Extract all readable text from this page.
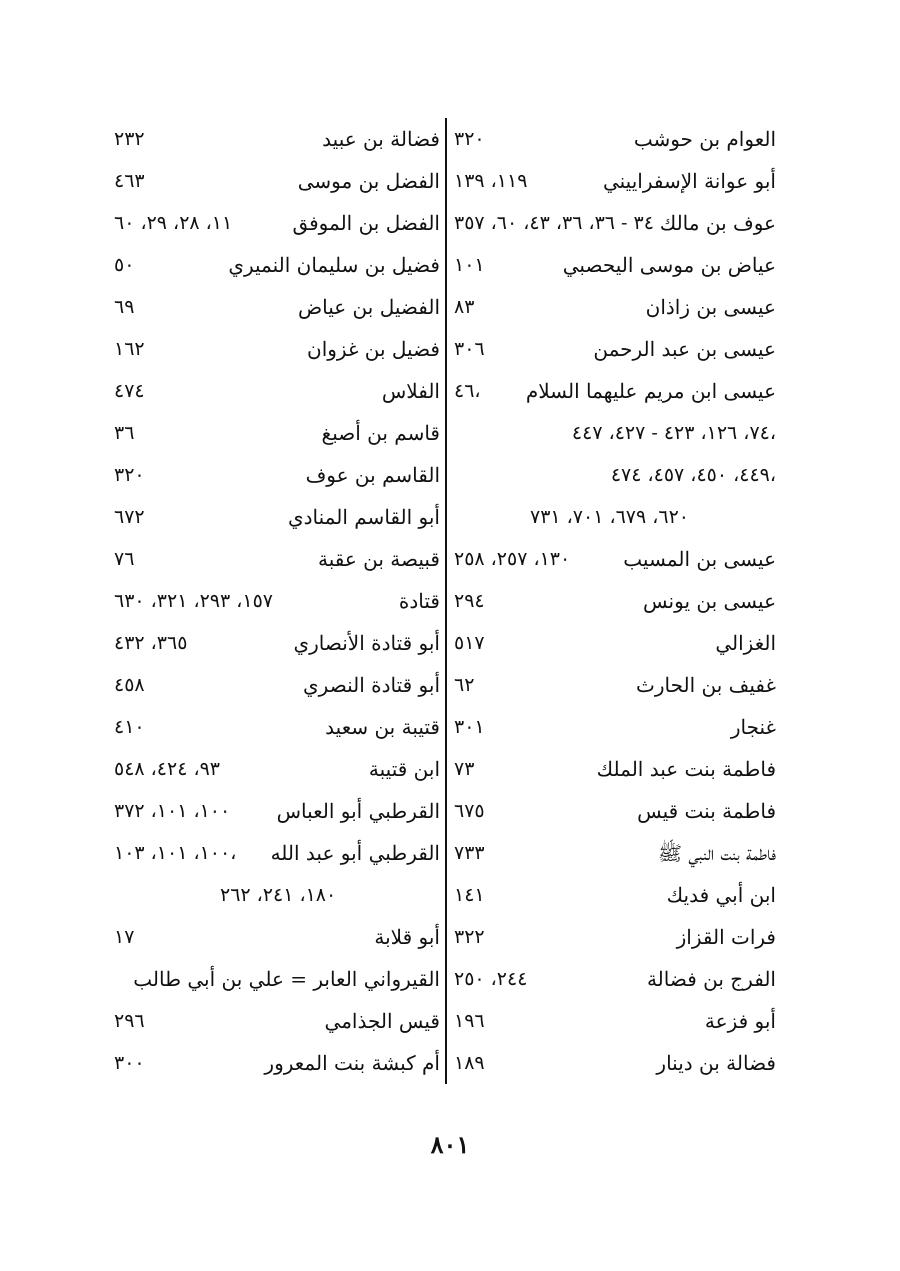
العوام بن حوشب
٣٢٠
أبو عوانة الإسفراييني
١١٩، ١٣٩
عوف بن مالك
٣٤ - ٣٦، ٣٦، ٤٣، ٦٠، ٣٥٧
عياض بن موسى اليحصبي
١٠١
عيسى بن زاذان
٨٣
عيسى بن عبد الرحمن
٣٠٦
عيسى ابن مريم عليهما السلام
٤٦،
٧٤، ١٢٦، ٤٢٣ - ٤٢٧، ٤٤٧،
٤٤٩، ٤٥٠، ٤٥٧، ٤٧٤،
٦٢٠، ٦٧٩، ٧٠١، ٧٣١
عيسى بن المسيب
١٣٠، ٢٥٧، ٢٥٨
عيسى بن يونس
٢٩٤
الغزالي
٥١٧
غفيف بن الحارث
٦٢
غنجار
٣٠١
فاطمة بنت عبد الملك
٧٣
فاطمة بنت قيس
٦٧٥
فاطمة بنت النبي ﷺ
٧٣٣
ابن أبي فديك
١٤١
فرات القزاز
٣٢٢
الفرج بن فضالة
٢٤٤، ٢٥٠
أبو فزعة
١٩٦
فضالة بن دينار
١٨٩
فضالة بن عبيد
٢٣٢
الفضل بن موسى
٤٦٣
الفضل بن الموفق
١١، ٢٨، ٢٩، ٦٠
فضيل بن سليمان النميري
٥٠
الفضيل بن عياض
٦٩
فضيل بن غزوان
١٦٢
الفلاس
٤٧٤
قاسم بن أصبغ
٣٦
القاسم بن عوف
٣٢٠
أبو القاسم المنادي
٦٧٢
قبيصة بن عقبة
٧٦
قتادة
١٥٧، ٢٩٣، ٣٢١، ٦٣٠
أبو قتادة الأنصاري
٣٦٥، ٤٣٢
أبو قتادة النصري
٤٥٨
قتيبة بن سعيد
٤١٠
ابن قتيبة
٩٣، ٤٢٤، ٥٤٨
القرطبي أبو العباس
١٠٠، ١٠١، ٣٧٢
القرطبي أبو عبد الله
١٠٠، ١٠١، ١٠٣،
١٨٠، ٢٤١، ٢٦٢
أبو قلابة
١٧
القيرواني العابر = علي بن أبي طالب
قيس الجذامي
٢٩٦
أم كبشة بنت المعرور
٣٠٠
٨٠١
